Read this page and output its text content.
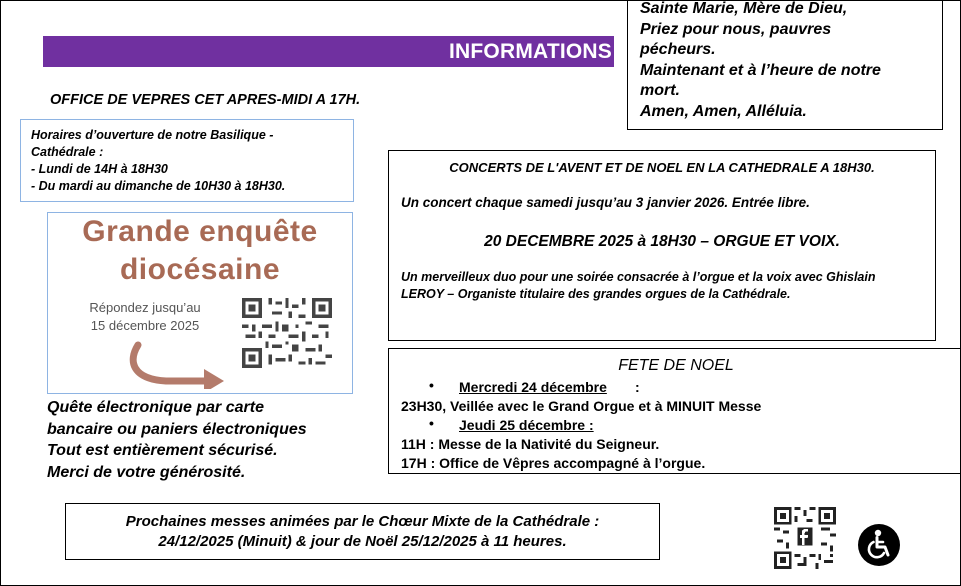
Sainte Marie, Mère de Dieu,
Priez pour nous, pauvres
pécheurs.
Maintenant et à l’heure de notre
mort.
Amen, Amen, Alléluia.
INFORMATIONS
OFFICE DE VEPRES CET APRES-MIDI A 17H.
Horaires d’ouverture de notre Basilique -
Cathédrale :
- Lundi de 14H à 18H30
- Du mardi au dimanche de 10H30 à 18H30.
Grande enquête
diocésaine
Répondez jusqu’au
15 décembre 2025
Quête électronique par carte
bancaire ou paniers électroniques
Tout est entièrement sécurisé.
Merci de votre générosité.
CONCERTS DE L'AVENT ET DE NOEL EN LA CATHEDRALE A 18H30.
Un concert chaque samedi jusqu’au 3 janvier 2026. Entrée libre.
20 DECEMBRE 2025 à 18H30 – ORGUE ET VOIX.
Un merveilleux duo pour une soirée consacrée à l’orgue et la voix avec Ghislain LEROY – Organiste titulaire des grandes orgues de la Cathédrale.
FETE DE NOEL
• Mercredi 24 décembre :
23H30, Veillée avec le Grand Orgue et à MINUIT Messe
• Jeudi 25 décembre :
11H : Messe de la Nativité du Seigneur.
17H : Office de Vêpres accompagné à l’orgue.
Prochaines messes animées par le Chœur Mixte de la Cathédrale :
24/12/2025 (Minuit) & jour de Noël 25/12/2025 à 11 heures.
